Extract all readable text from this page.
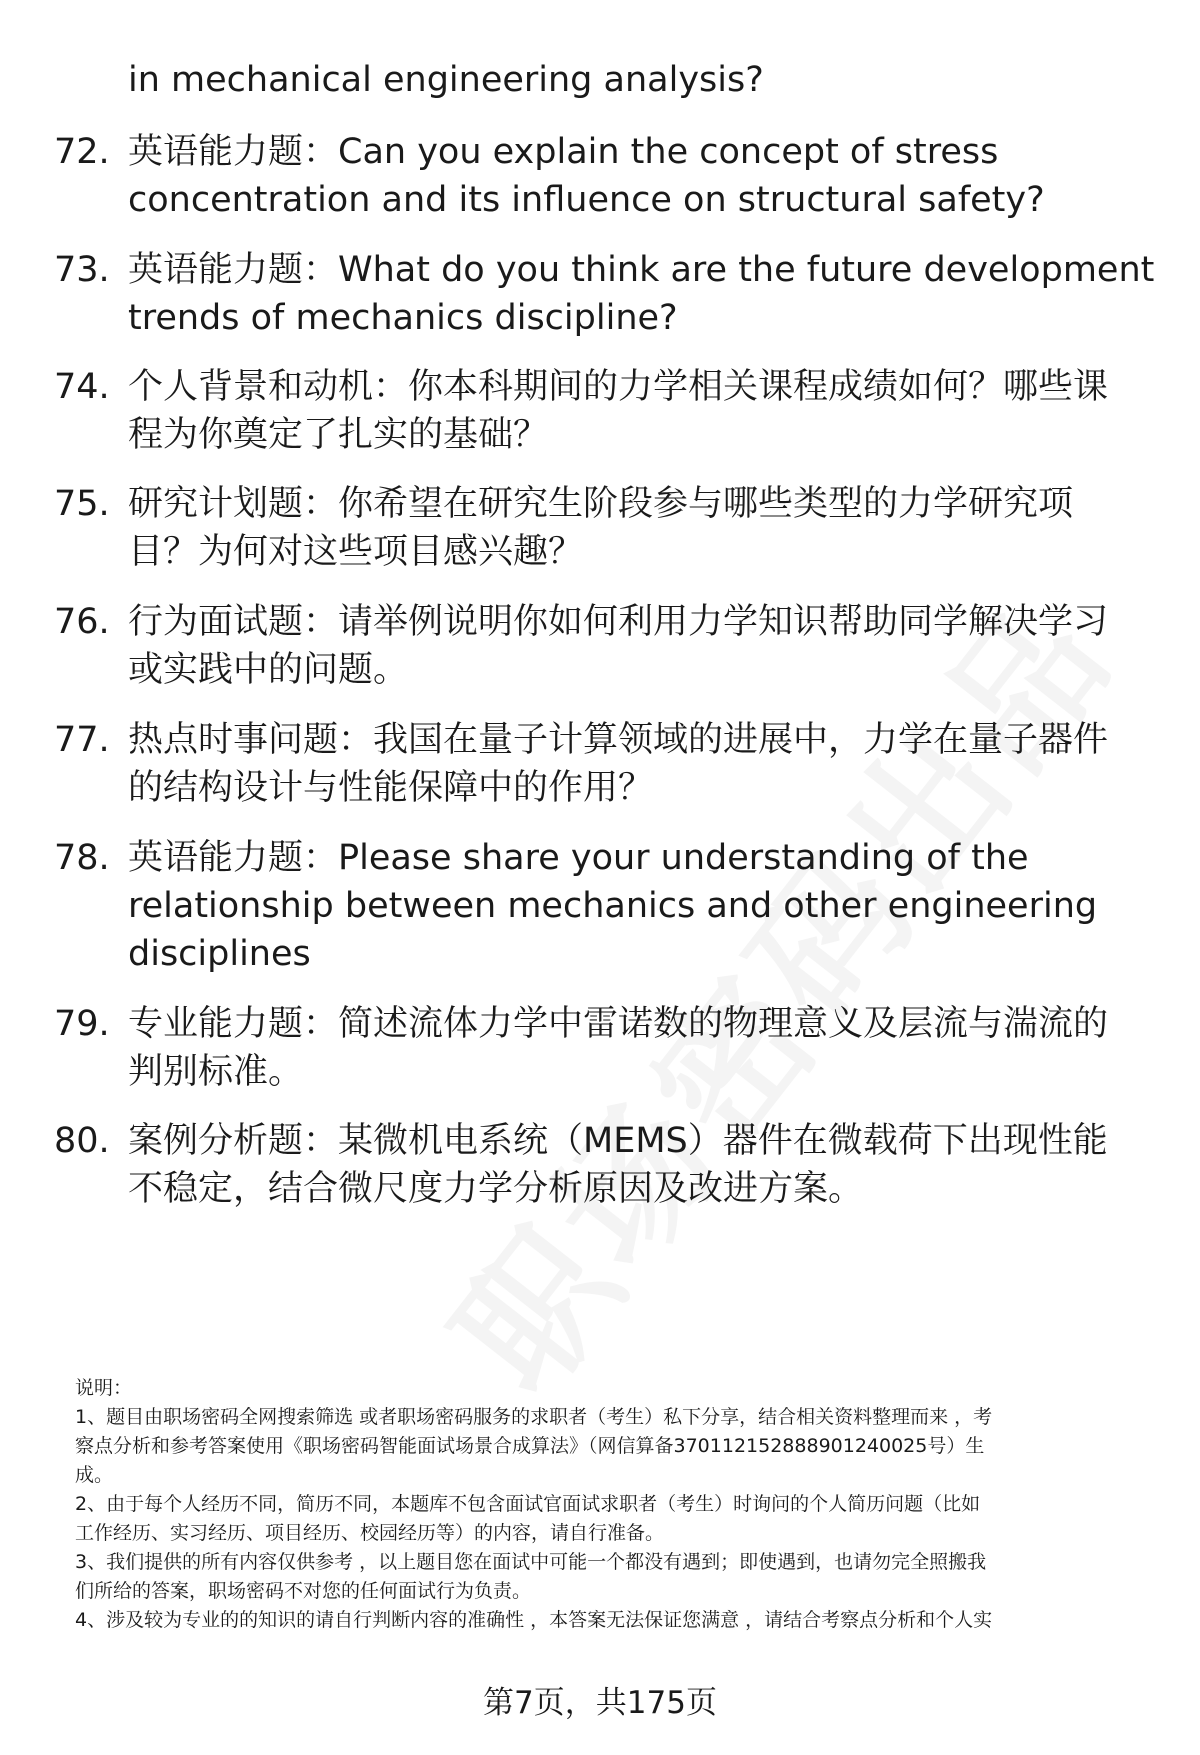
in mechanical engineering analysis?
72. 英语能力题：Can you explain the concept of stress
concentration and its influence on structural safety?
73. 英语能力题：What do you think are the future development
trends of mechanics discipline?
74. 个人背景和动机：你本科期间的力学相关课程成绩如何？哪些课
程为你奠定了扎实的基础？
75. 研究计划题：你希望在研究生阶段参与哪些类型的力学研究项
目？为何对这些项目感兴趣？
76. 行为面试题：请举例说明你如何利用力学知识帮助同学解决学习
或实践中的问题。
77. 热点时事问题：我国在量子计算领域的进展中，力学在量子器件
的结构设计与性能保障中的作用？
78. 英语能力题：Please share your understanding of the
relationship between mechanics and other engineering
disciplines
79. 专业能力题：简述流体力学中雷诺数的物理意义及层流与湍流的
判别标准。
80. 案例分析题：某微机电系统（MEMS）器件在微载荷下出现性能
不稳定，结合微尺度力学分析原因及改进方案。
说明：
1、题目由职场密码全网搜索筛选 或者职场密码服务的求职者（考生）私下分享，结合相关资料整理而来 ，考
察点分析和参考答案使用《职场密码智能面试场景合成算法》（网信算备37011215288890124​0025号）生
成。
2、由于每个人经历不同，简历不同，本题库不包含面试官面试求职者（考生）时询问的个人简历问题（比如
工作经历、实习经历、项目经历、校园经历等）的内容，请自行准备。
3、我们提供的所有内容仅供参考 ，以上题目您在面试中可能一个都没有遇到；即使遇到，也请勿完全照搬我
们所给的答案，职场密码不对您的任何面试行为负责。
4、涉及较为专业的的知识的请自行判断内容的准确性 ，本答案无法保证您满意 ，请结合考察点分析和个人实
第7页，共175页
